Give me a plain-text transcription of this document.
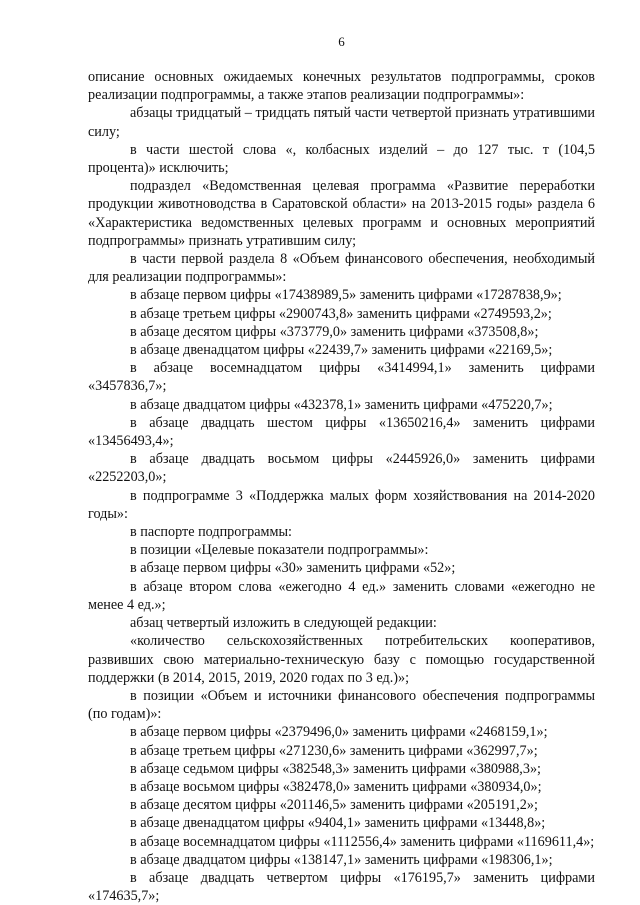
6

описание основных ожидаемых конечных результатов подпрограммы, сроков реализации подпрограммы, а также этапов реализации подпрограммы»:

абзацы тридцатый – тридцать пятый части четвертой признать утратившими силу;

в части шестой слова «, колбасных изделий – до 127 тыс. т (104,5 процента)» исключить;

подраздел «Ведомственная целевая программа «Развитие переработки продукции животноводства в Саратовской области» на 2013-2015 годы» раздела 6 «Характеристика ведомственных целевых программ и основных мероприятий подпрограммы» признать утратившим силу;

в части первой раздела 8 «Объем финансового обеспечения, необходимый для реализации подпрограммы»:

в абзаце первом цифры «17438989,5» заменить цифрами «17287838,9»;

в абзаце третьем цифры «2900743,8» заменить цифрами «2749593,2»;

в абзаце десятом цифры «373779,0» заменить цифрами «373508,8»;

в абзаце двенадцатом цифры «22439,7» заменить цифрами «22169,5»;

в абзаце восемнадцатом цифры «3414994,1» заменить цифрами «3457836,7»;

в абзаце двадцатом цифры «432378,1» заменить цифрами «475220,7»;

в абзаце двадцать шестом цифры «13650216,4» заменить цифрами «13456493,4»;

в абзаце двадцать восьмом цифры «2445926,0» заменить цифрами «2252203,0»;

в подпрограмме 3 «Поддержка малых форм хозяйствования на 2014-2020 годы»:

в паспорте подпрограммы:

в позиции «Целевые показатели подпрограммы»:

в абзаце первом цифры «30» заменить цифрами «52»;

в абзаце втором слова «ежегодно 4 ед.» заменить словами «ежегодно не менее 4 ед.»;

абзац четвертый изложить в следующей редакции:

«количество сельскохозяйственных потребительских кооперативов, развивших свою материально-техническую базу с помощью государственной поддержки (в 2014, 2015, 2019, 2020 годах по 3 ед.)»;

в позиции «Объем и источники финансового обеспечения подпрограммы (по годам)»:

в абзаце первом цифры «2379496,0» заменить цифрами «2468159,1»;

в абзаце третьем цифры «271230,6» заменить цифрами «362997,7»;

в абзаце седьмом цифры «382548,3» заменить цифрами «380988,3»;

в абзаце восьмом цифры «382478,0» заменить цифрами «380934,0»;

в абзаце десятом цифры «201146,5» заменить цифрами «205191,2»;

в абзаце двенадцатом цифры «9404,1» заменить цифрами «13448,8»;

в абзаце восемнадцатом цифры «1112556,4» заменить цифрами «1169611,4»;

в абзаце двадцатом цифры «138147,1» заменить цифрами «198306,1»;

в абзаце двадцать четвертом цифры «176195,7» заменить цифрами «174635,7»;
